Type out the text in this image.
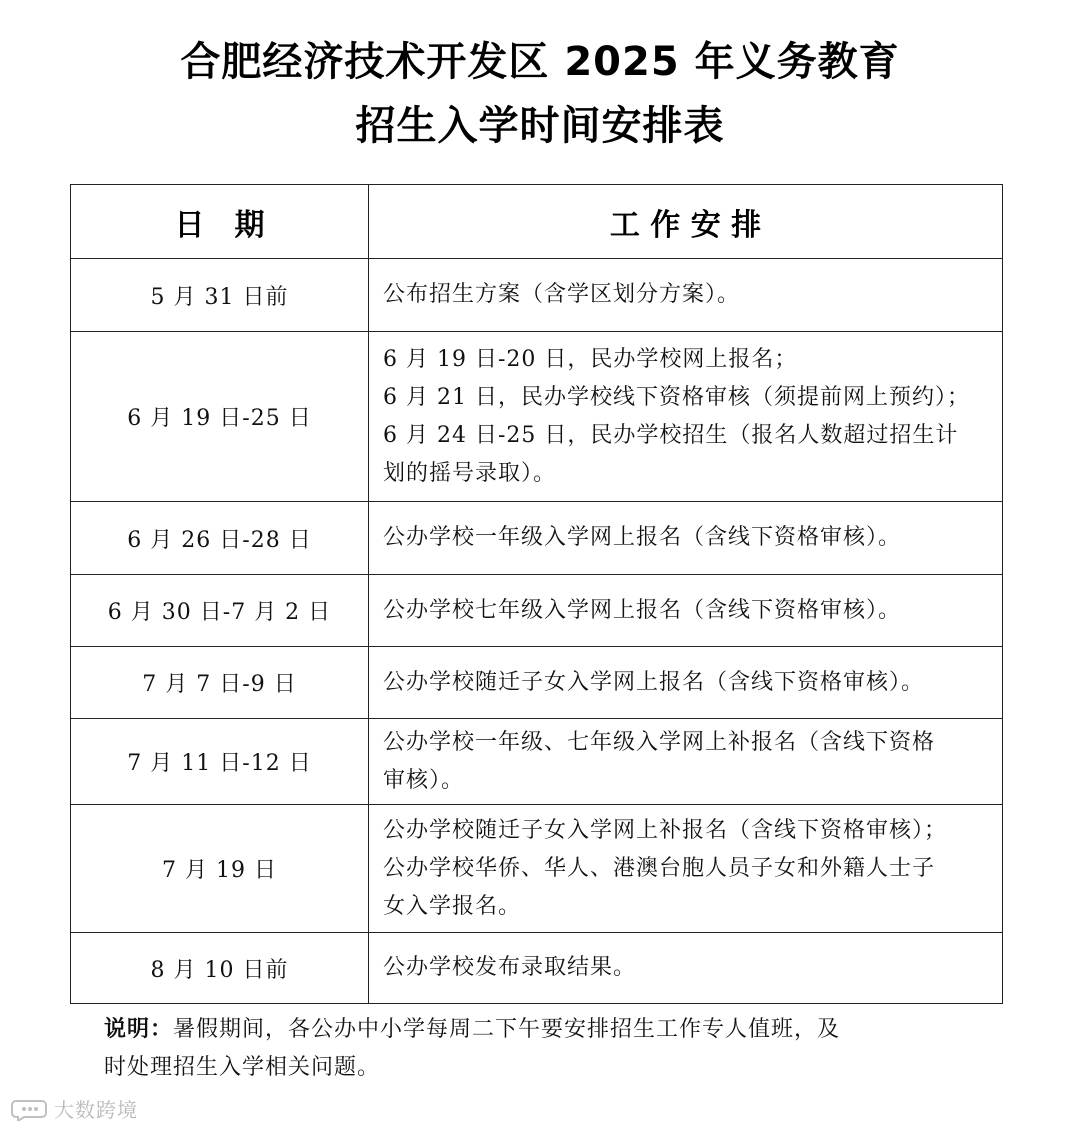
合肥经济技术开发区 2025 年义务教育
招生入学时间安排表
日　期	工 作 安 排
5 月 31 日前	公布招生方案（含学区划分方案）。

6 月 19 日-25 日	6 月 19 日-20 日，民办学校网上报名；
6 月 21 日，民办学校线下资格审核（须提前网上预约）；
6 月 24 日-25 日，民办学校招生（报名人数超过招生计
划的摇号录取）。

6 月 26 日-28 日	公办学校一年级入学网上报名（含线下资格审核）。

6 月 30 日-7 月 2 日	公办学校七年级入学网上报名（含线下资格审核）。

7 月 7 日-9 日	公办学校随迁子女入学网上报名（含线下资格审核）。

7 月 11 日-12 日	公办学校一年级、七年级入学网上补报名（含线下资格
审核）。

7 月 19 日	公办学校随迁子女入学网上补报名（含线下资格审核）；
公办学校华侨、华人、港澳台胞人员子女和外籍人士子
女入学报名。

8 月 10 日前	公办学校发布录取结果。
说明：暑假期间，各公办中小学每周二下午要安排招生工作专人值班，及
时处理招生入学相关问题。
大数跨境
